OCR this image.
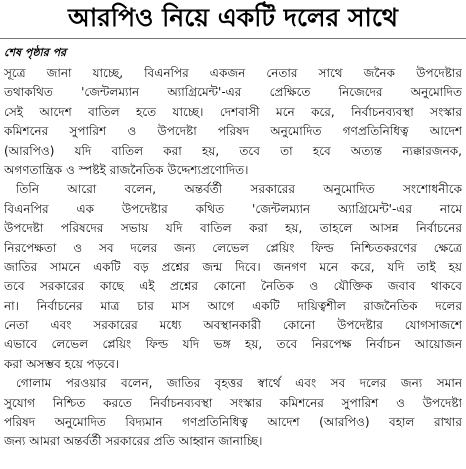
আরপিও নিয়ে একটি দলের সাথে
শেষ পৃষ্ঠার পর
সূত্রে জানা যাচ্ছে, বিএনপির একজন নেতার সাথে জনৈক উপদেষ্টার
তথাকথিত 'জেন্টলম্যান অ্যাগ্রিমেন্ট'-এর প্রেক্ষিতে নিজেদের অনুমোদিত
সেই আদেশ বাতিল হতে যাচ্ছে। দেশবাসী মনে করে, নির্বাচনব্যবস্থা সংস্কার
কমিশনের সুপারিশ ও উপদেষ্টা পরিষদ অনুমোদিত গণপ্রতিনিধিত্ব আদেশ
(আরপিও) যদি বাতিল করা হয়, তবে তা হবে অত্যন্ত ন্যক্কারজনক,
অগণতান্ত্রিক ও স্পষ্টই রাজনৈতিক উদ্দেশ্যপ্রণোদিত।
তিনি আরো বলেন, অন্তর্বর্তী সরকারের অনুমোদিত সংশোধনীকে
বিএনপির এক উপদেষ্টার কথিত 'জেন্টলম্যান অ্যাগ্রিমেন্ট'-এর নামে
উপদেষ্টা পরিষদের সভায় যদি বাতিল করা হয়, তাহলে আসন্ন নির্বাচনের
নিরপেক্ষতা ও সব দলের জন্য লেভেল প্লেয়িং ফিল্ড নিশ্চিতকরণের ক্ষেত্রে
জাতির সামনে একটি বড় প্রশ্নের জন্ম দিবে। জনগণ মনে করে, যদি তাই হয়
তবে সরকারের কাছে এই প্রশ্নের কোনো নৈতিক ও যৌক্তিক জবাব থাকবে
না। নির্বাচনের মাত্র চার মাস আগে একটি দায়িত্বশীল রাজনৈতিক দলের
নেতা এবং সরকারের মধ্যে অবস্থানকারী কোনো উপদেষ্টার যোগসাজশে
এভাবে লেভেল প্লেয়িং ফিল্ড যদি ভঙ্গ হয়, তবে নিরপেক্ষ নির্বাচন আয়োজন
করা অসম্ভব হয়ে পড়বে।
গোলাম পরওয়ার বলেন, জাতির বৃহত্তর স্বার্থে এবং সব দলের জন্য সমান
সুযোগ নিশ্চিত করতে নির্বাচনব্যবস্থা সংস্কার কমিশনের সুপারিশ ও উপদেষ্টা
পরিষদ অনুমোদিত বিদ্যমান গণপ্রতিনিধিত্ব আদেশ (আরপিও) বহাল রাখার
জন্য আমরা অন্তর্বর্তী সরকারের প্রতি আহ্বান জানাচ্ছি।
